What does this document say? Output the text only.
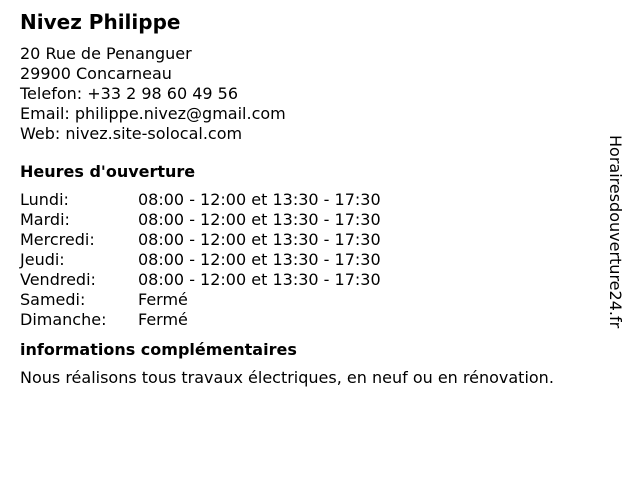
Nivez Philippe
20 Rue de Penanguer
29900 Concarneau
Telefon: +33 2 98 60 49 56
Email: philippe.nivez@gmail.com
Web: nivez.site-solocal.com
Heures d'ouverture
Lundi:	08:00 - 12:00 et 13:30 - 17:30
Mardi:	08:00 - 12:00 et 13:30 - 17:30
Mercredi:	08:00 - 12:00 et 13:30 - 17:30
Jeudi:	08:00 - 12:00 et 13:30 - 17:30
Vendredi:	08:00 - 12:00 et 13:30 - 17:30
Samedi:	Fermé
Dimanche:	Fermé
informations complémentaires
Nous réalisons tous travaux électriques, en neuf ou en rénovation.
Horairesdouverture24.fr
